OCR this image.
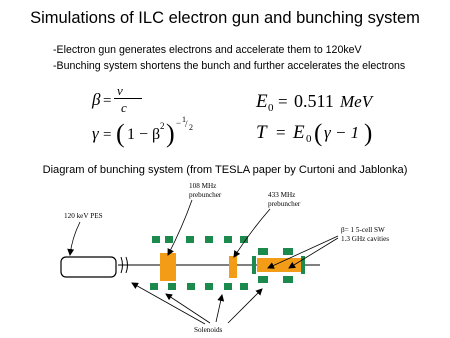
Simulations of ILC electron gun and bunching system
-Electron gun generates electrons and accelerate them to 120keV
-Bunching system shortens the bunch and further accelerates the electrons
β =
v
c
γ = ( 1 − β 2 ) − 1 / 2
E 0 = 0.511 MeV
T = E 0 ( γ − 1 )
120 keV PES
108 MHz
prebuncher	433 MHz
prebuncher
β= 1 5-cell SW
1.3 GHz cavities
Solenoids
Diagram of bunching system (from TESLA paper by Curtoni and Jablonka)
